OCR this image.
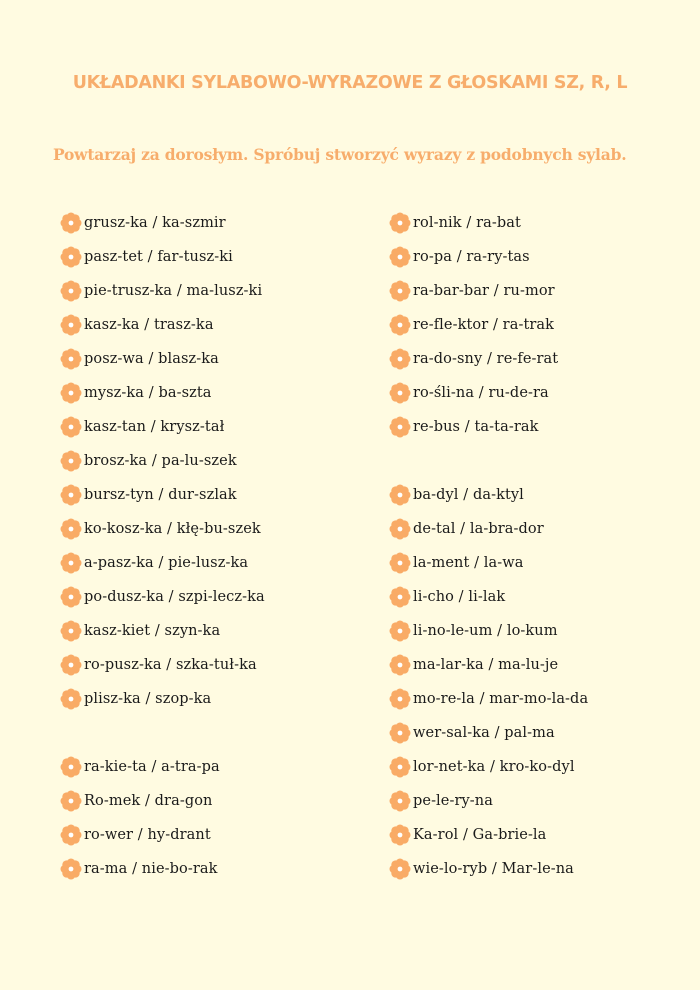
UKŁADANKI SYLABOWO-WYRAZOWE Z GŁOSKAMI SZ, R, L
Powtarzaj za dorosłym. Spróbuj stworzyć wyrazy z podobnych sylab.
grusz-ka / ka-szmir
pasz-tet / far-tusz-ki
pie-trusz-ka / ma-lusz-ki
kasz-ka / trasz-ka
posz-wa / blasz-ka
mysz-ka / ba-szta
kasz-tan / krysz-tał
brosz-ka / pa-lu-szek
bursz-tyn / dur-szlak
ko-kosz-ka / kłę-bu-szek
a-pasz-ka / pie-lusz-ka
po-dusz-ka / szpi-lecz-ka
kasz-kiet / szyn-ka
ro-pusz-ka / szka-tuł-ka
plisz-ka / szop-ka
ra-kie-ta / a-tra-pa
Ro-mek / dra-gon
ro-wer / hy-drant
ra-ma / nie-bo-rak
rol-nik / ra-bat
ro-pa / ra-ry-tas
ra-bar-bar / ru-mor
re-fle-ktor / ra-trak
ra-do-sny / re-fe-rat
ro-śli-na / ru-de-ra
re-bus / ta-ta-rak
ba-dyl / da-ktyl
de-tal / la-bra-dor
la-ment / la-wa
li-cho / li-lak
li-no-le-um / lo-kum
ma-lar-ka / ma-lu-je
mo-re-la / mar-mo-la-da
wer-sal-ka / pal-ma
lor-net-ka / kro-ko-dyl
pe-le-ry-na
Ka-rol / Ga-brie-la
wie-lo-ryb / Mar-le-na
